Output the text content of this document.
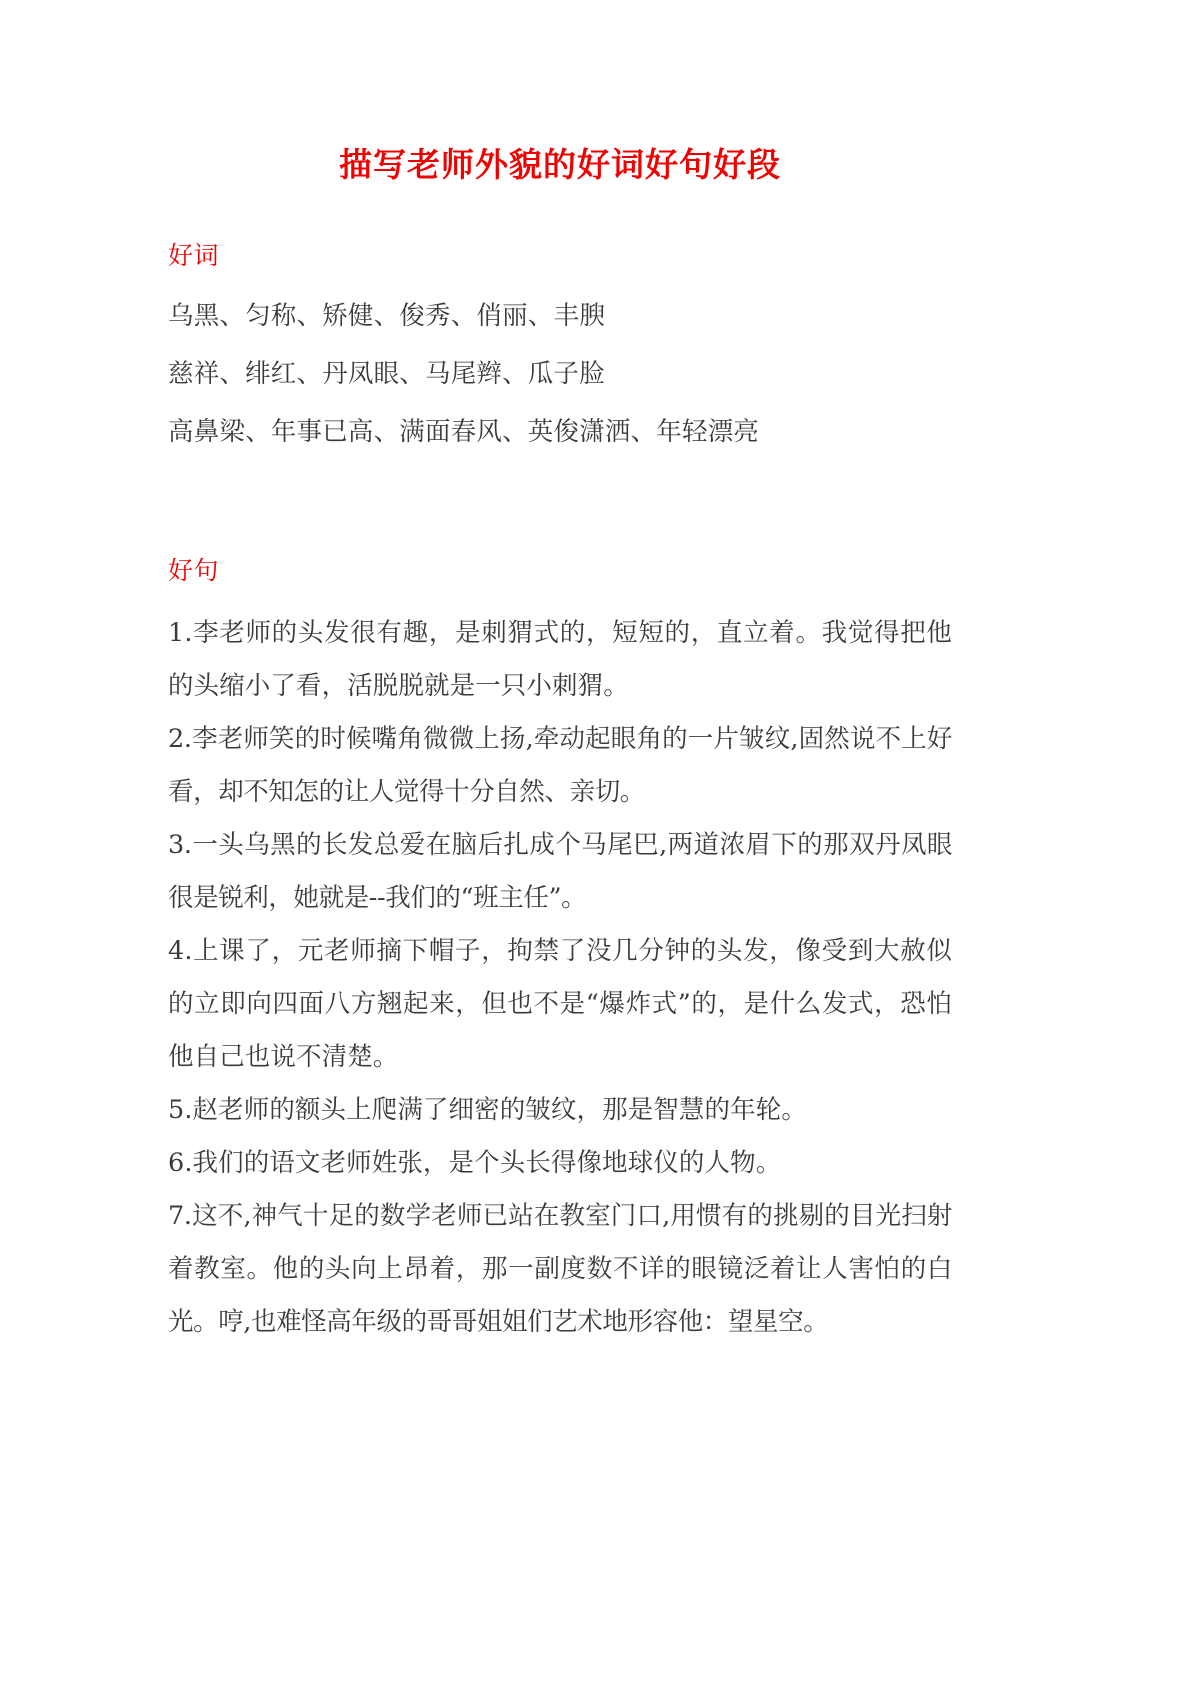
描写老师外貌的好词好句好段
好词

乌黑、匀称、矫健、俊秀、俏丽、丰腴

慈祥、绯红、丹凤眼、马尾辫、瓜子脸

高鼻梁、年事已高、满面春风、英俊潇洒、年轻漂亮

好句

1.李老师的头发很有趣，是刺猬式的，短短的，直立着。我觉得把他的头缩小了看，活脱脱就是一只小刺猬。

2.李老师笑的时候嘴角微微上扬,牵动起眼角的一片皱纹,固然说不上好看，却不知怎的让人觉得十分自然、亲切。

3.一头乌黑的长发总爱在脑后扎成个马尾巴,两道浓眉下的那双丹凤眼很是锐利，她就是--我们的“班主任”。

4.上课了，元老师摘下帽子，拘禁了没几分钟的头发，像受到大赦似的立即向四面八方翘起来，但也不是“爆炸式”的，是什么发式，恐怕他自己也说不清楚。

5.赵老师的额头上爬满了细密的皱纹，那是智慧的年轮。

6.我们的语文老师姓张，是个头长得像地球仪的人物。

7.这不,神气十足的数学老师已站在教室门口,用惯有的挑剔的目光扫射着教室。他的头向上昂着，那一副度数不详的眼镜泛着让人害怕的白光。哼,也难怪高年级的哥哥姐姐们艺术地形容他：望星空。
